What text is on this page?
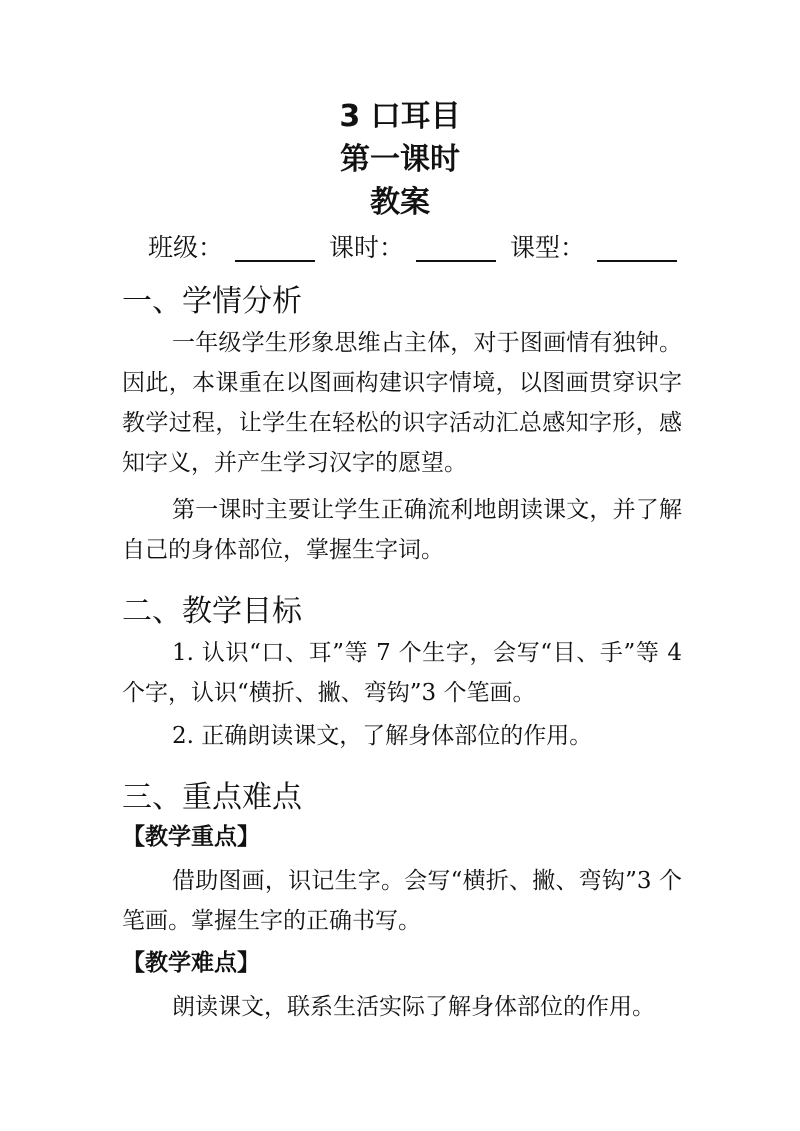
3 口耳目
第一课时
教案
班级：	课时：	课型：
一、学情分析

一年级学生形象思维占主体，对于图画情有独钟。因此，本课重在以图画构建识字情境，以图画贯穿识字教学过程，让学生在轻松的识字活动汇总感知字形，感知字义，并产生学习汉字的愿望。

第一课时主要让学生正确流利地朗读课文，并了解自己的身体部位，掌握生字词。

二、教学目标

1. 认识“口、耳”等 7 个生字，会写“目、手”等 4 个字，认识“横折、撇、弯钩”3 个笔画。

2. 正确朗读课文，了解身体部位的作用。

三、重点难点
【教学重点】

借助图画，识记生字。会写“横折、撇、弯钩”3 个笔画。掌握生字的正确书写。

【教学难点】

朗读课文，联系生活实际了解身体部位的作用。
